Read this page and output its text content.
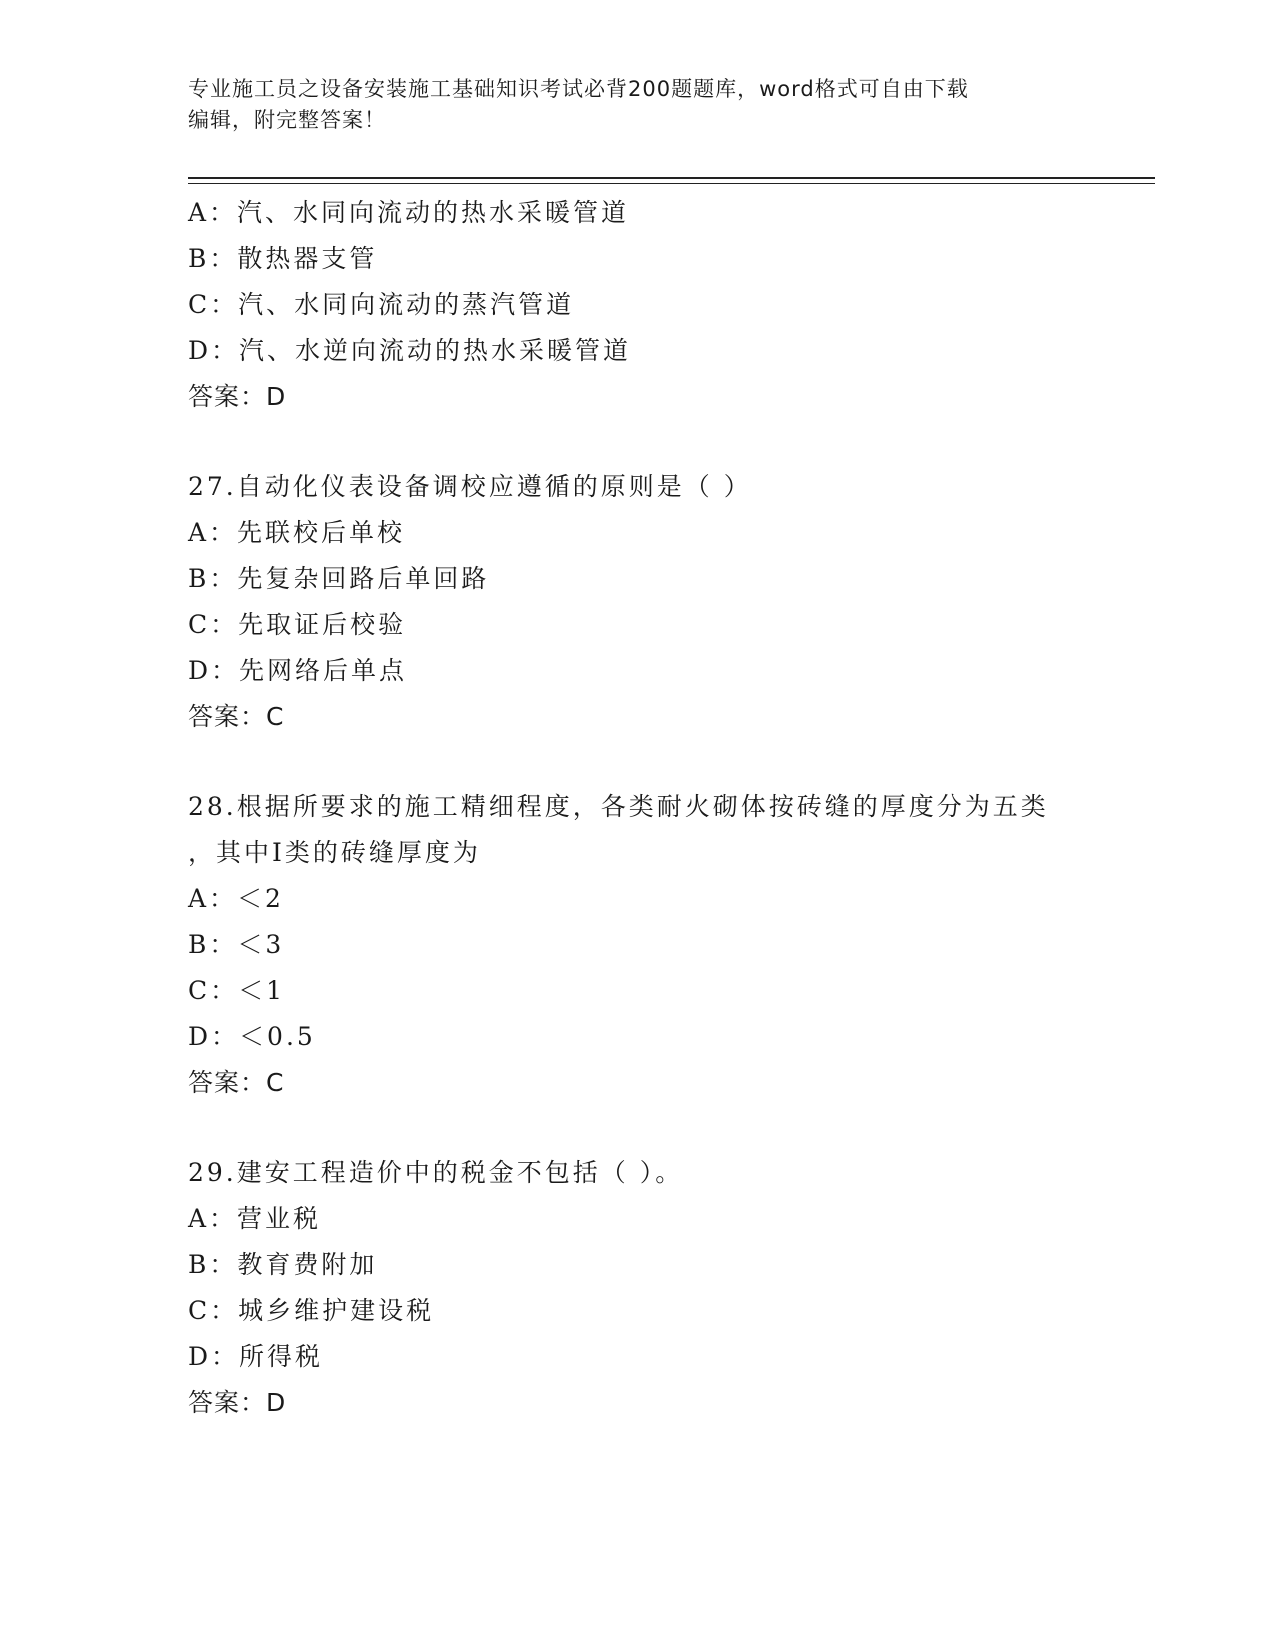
专业施工员之设备安装施工基础知识考试必背200题题库，word格式可自由下载
编辑，附完整答案！
A：汽、水同向流动的热水采暖管道
B：散热器支管
C：汽、水同向流动的蒸汽管道
D：汽、水逆向流动的热水采暖管道
答案：D
27.自动化仪表设备调校应遵循的原则是（ ）
A：先联校后单校
B：先复杂回路后单回路
C：先取证后校验
D：先网络后单点
答案：C
28.根据所要求的施工精细程度，各类耐火砌体按砖缝的厚度分为五类
，其中Ⅰ类的砖缝厚度为
A：＜2
B：＜3
C：＜1
D：＜0.5
答案：C
29.建安工程造价中的税金不包括（ ）。
A：营业税
B：教育费附加
C：城乡维护建设税
D：所得税
答案：D
